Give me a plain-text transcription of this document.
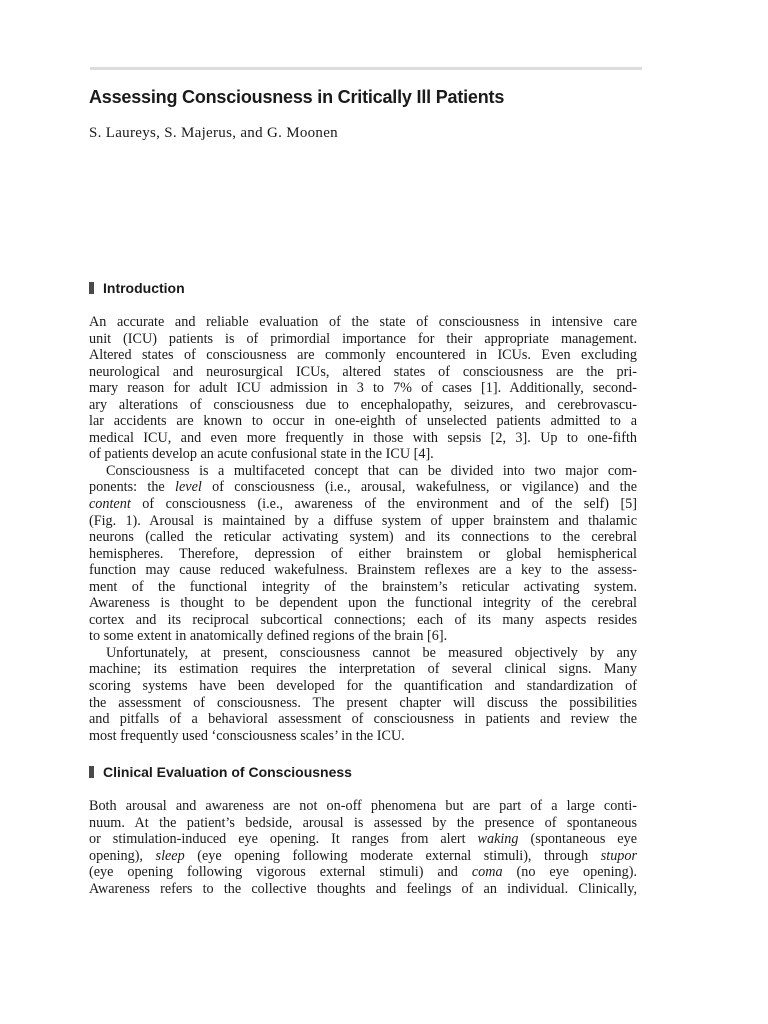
Assessing Consciousness in Critically Ill Patients
S. Laureys, S. Majerus, and G. Moonen
Introduction
An accurate and reliable evaluation of the state of consciousness in intensive care
unit (ICU) patients is of primordial importance for their appropriate management.
Altered states of consciousness are commonly encountered in ICUs. Even excluding
neurological and neurosurgical ICUs, altered states of consciousness are the pri-
mary reason for adult ICU admission in 3 to 7% of cases [1]. Additionally, second-
ary alterations of consciousness due to encephalopathy, seizures, and cerebrovascu-
lar accidents are known to occur in one-eighth of unselected patients admitted to a
medical ICU, and even more frequently in those with sepsis [2, 3]. Up to one-fifth
of patients develop an acute confusional state in the ICU [4].
Consciousness is a multifaceted concept that can be divided into two major com-
ponents: the level of consciousness (i.e., arousal, wakefulness, or vigilance) and the
content of consciousness (i.e., awareness of the environment and of the self) [5]
(Fig. 1). Arousal is maintained by a diffuse system of upper brainstem and thalamic
neurons (called the reticular activating system) and its connections to the cerebral
hemispheres. Therefore, depression of either brainstem or global hemispherical
function may cause reduced wakefulness. Brainstem reflexes are a key to the assess-
ment of the functional integrity of the brainstem’s reticular activating system.
Awareness is thought to be dependent upon the functional integrity of the cerebral
cortex and its reciprocal subcortical connections; each of its many aspects resides
to some extent in anatomically defined regions of the brain [6].
Unfortunately, at present, consciousness cannot be measured objectively by any
machine; its estimation requires the interpretation of several clinical signs. Many
scoring systems have been developed for the quantification and standardization of
the assessment of consciousness. The present chapter will discuss the possibilities
and pitfalls of a behavioral assessment of consciousness in patients and review the
most frequently used ‘consciousness scales’ in the ICU.
Clinical Evaluation of Consciousness
Both arousal and awareness are not on-off phenomena but are part of a large conti-
nuum. At the patient’s bedside, arousal is assessed by the presence of spontaneous
or stimulation-induced eye opening. It ranges from alert waking (spontaneous eye
opening), sleep (eye opening following moderate external stimuli), through stupor
(eye opening following vigorous external stimuli) and coma (no eye opening).
Awareness refers to the collective thoughts and feelings of an individual. Clinically,
